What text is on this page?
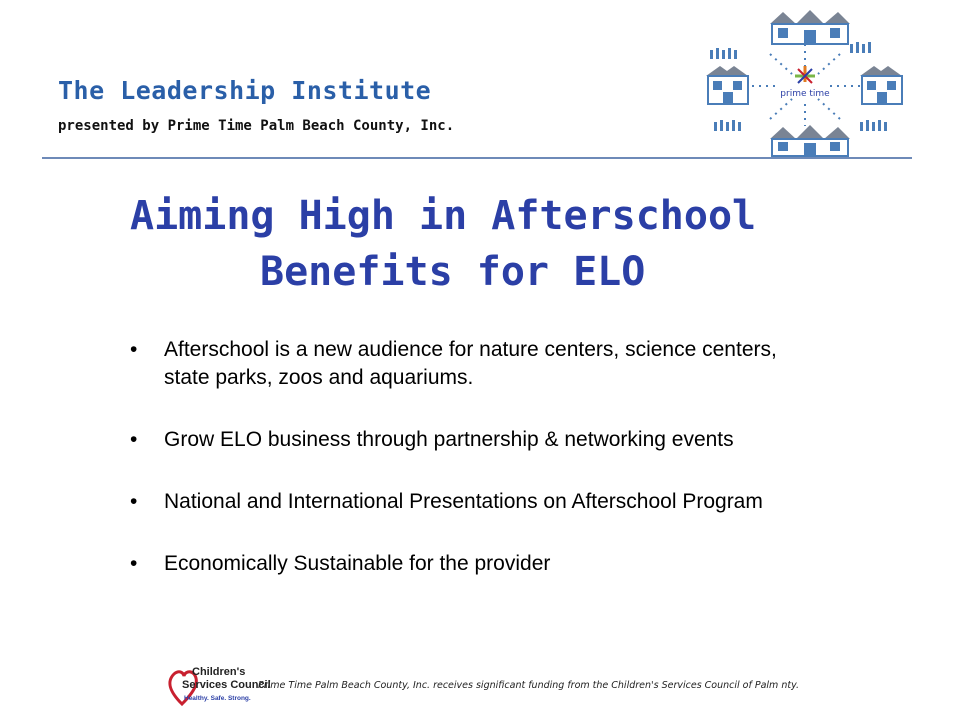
The Leadership Institute

presented by Prime Time Palm Beach County, Inc.

prime time
Aiming High in Afterschool
Benefits for ELO
• Afterschool is a new audience for nature centers, science centers, state parks, zoos and aquariums.
• Grow ELO business through partnership & networking events
• National and International Presentations on Afterschool Program
• Economically Sustainable for the provider
Children's
Services Council
Healthy. Safe. Strong.

Prime Time Palm Beach County, Inc. receives significant funding from the Children's Services Council of Palm nty.
